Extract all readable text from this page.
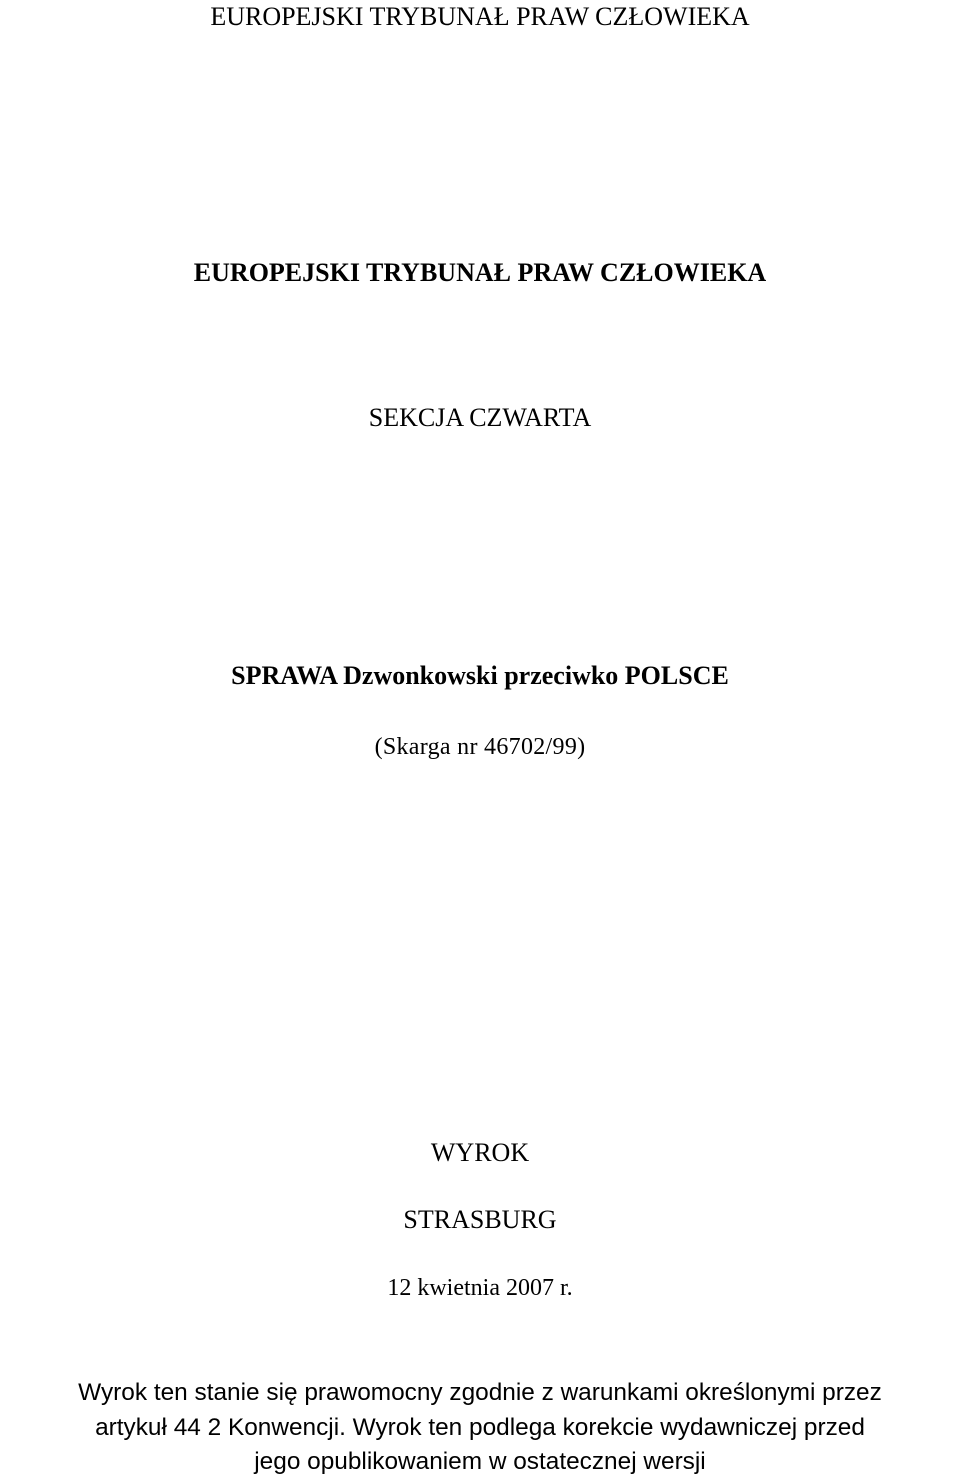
EUROPEJSKI TRYBUNAŁ PRAW CZŁOWIEKA
EUROPEJSKI TRYBUNAŁ PRAW CZŁOWIEKA
SEKCJA CZWARTA
SPRAWA Dzwonkowski przeciwko POLSCE
(Skarga nr 46702/99)
WYROK
STRASBURG
12 kwietnia 2007 r.
Wyrok ten stanie się prawomocny zgodnie z warunkami określonymi przez
artykuł 44 2 Konwencji. Wyrok ten podlega korekcie wydawniczej przed
jego opublikowaniem w ostatecznej wersji
